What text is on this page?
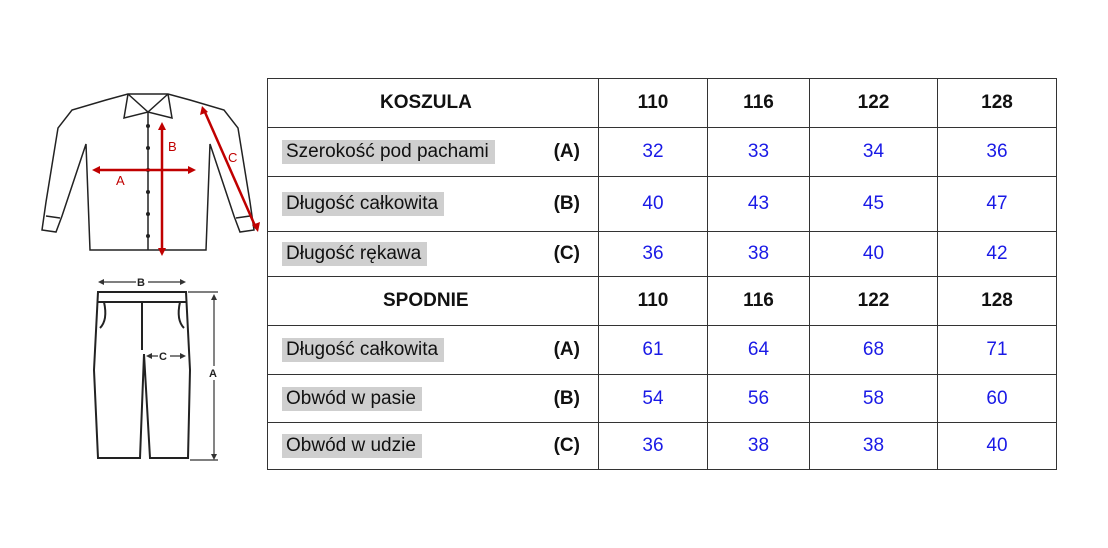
A
B
C
B
C
A
KOSZULA	110	116	122	128

Szerokość pod pachami (A)	32	33	34	36

Długość całkowita (B)	40	43	45	47

Długość rękawa (C)	36	38	40	42
SPODNIE	110	116	122	128

Długość całkowita (A)	61	64	68	71

Obwód w pasie (B)	54	56	58	60

Obwód w udzie (C)	36	38	38	40
